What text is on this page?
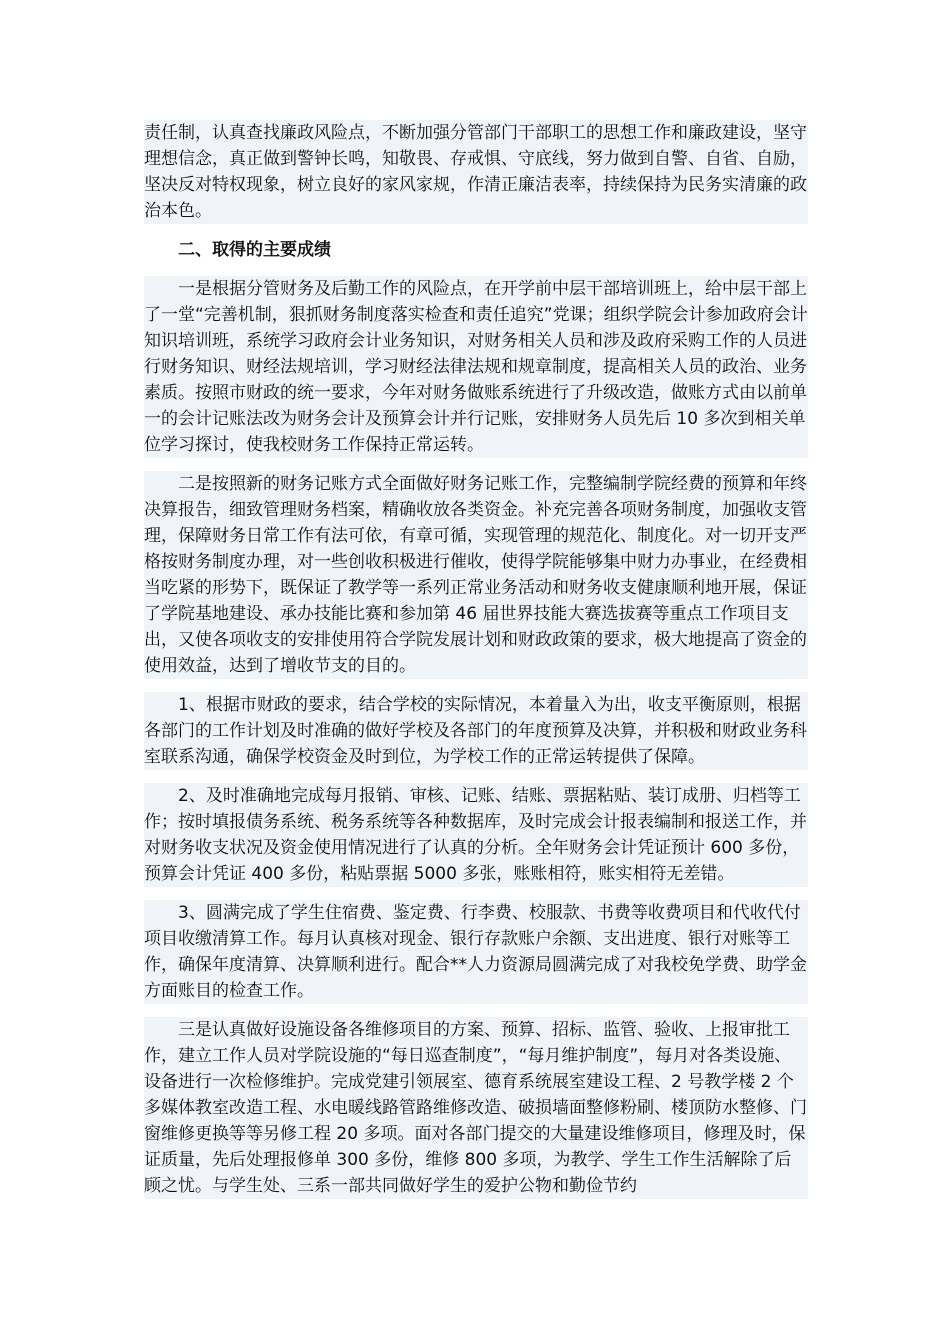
责任制，认真查找廉政风险点，不断加强分管部门干部职工的思想工作和廉政建设，坚守理想信念，真正做到警钟长鸣，知敬畏、存戒惧、守底线，努力做到自警、自省、自励，坚决反对特权现象，树立良好的家风家规，作清正廉洁表率，持续保持为民务实清廉的政治本色。

二、取得的主要成绩

一是根据分管财务及后勤工作的风险点，在开学前中层干部培训班上，给中层干部上了一堂“完善机制，狠抓财务制度落实检查和责任追究”党课；组织学院会计参加政府会计知识培训班，系统学习政府会计业务知识，对财务相关人员和涉及政府采购工作的人员进行财务知识、财经法规培训，学习财经法律法规和规章制度，提高相关人员的政治、业务素质。按照市财政的统一要求，今年对财务做账系统进行了升级改造，做账方式由以前单一的会计记账法改为财务会计及预算会计并行记账，安排财务人员先后 10 多次到相关单位学习探讨，使我校财务工作保持正常运转。

二是按照新的财务记账方式全面做好财务记账工作，完整编制学院经费的预算和年终决算报告，细致管理财务档案，精确收放各类资金。补充完善各项财务制度，加强收支管理，保障财务日常工作有法可依，有章可循，实现管理的规范化、制度化。对一切开支严格按财务制度办理，对一些创收积极进行催收，使得学院能够集中财力办事业，在经费相当吃紧的形势下，既保证了教学等一系列正常业务活动和财务收支健康顺利地开展，保证了学院基地建设、承办技能比赛和参加第 46 届世界技能大赛选拔赛等重点工作项目支出，又使各项收支的安排使用符合学院发展计划和财政政策的要求，极大地提高了资金的使用效益，达到了增收节支的目的。

1、根据市财政的要求，结合学校的实际情况，本着量入为出，收支平衡原则，根据各部门的工作计划及时准确的做好学校及各部门的年度预算及决算，并积极和财政业务科室联系沟通，确保学校资金及时到位，为学校工作的正常运转提供了保障。

2、及时准确地完成每月报销、审核、记账、结账、票据粘贴、装订成册、归档等工作；按时填报债务系统、税务系统等各种数据库，及时完成会计报表编制和报送工作，并对财务收支状况及资金使用情况进行了认真的分析。全年财务会计凭证预计 600 多份，预算会计凭证 400 多份，粘贴票据 5000 多张，账账相符，账实相符无差错。

3、圆满完成了学生住宿费、鉴定费、行李费、校服款、书费等收费项目和代收代付项目收缴清算工作。每月认真核对现金、银行存款账户余额、支出进度、银行对账等工作，确保年度清算、决算顺利进行。配合**人力资源局圆满完成了对我校免学费、助学金方面账目的检查工作。

三是认真做好设施设备各维修项目的方案、预算、招标、监管、验收、上报审批工作，建立工作人员对学院设施的“每日巡查制度”，“每月维护制度”，每月对各类设施、设备进行一次检修维护。完成党建引领展室、德育系统展室建设工程、2 号教学楼 2 个多媒体教室改造工程、水电暖线路管路维修改造、破损墙面整修粉刷、楼顶防水整修、门窗维修更换等等另修工程 20 多项。面对各部门提交的大量建设维修项目，修理及时，保证质量，先后处理报修单 300 多份，维修 800 多项，为教学、学生工作生活解除了后顾之忧。与学生处、三系一部共同做好学生的爱护公物和勤俭节约
